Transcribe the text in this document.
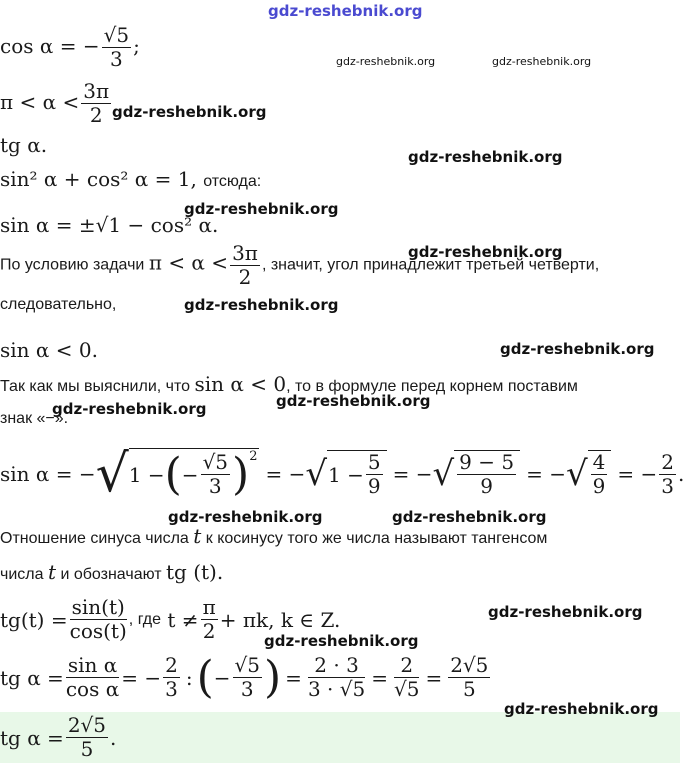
gdz-reshebnik.org
gdz-reshebnik.org	gdz-reshebnik.org
gdz-reshebnik.org
gdz-reshebnik.org
gdz-reshebnik.org
gdz-reshebnik.org
gdz-reshebnik.org
gdz-reshebnik.org
gdz-reshebnik.org	gdz-reshebnik.org
gdz-reshebnik.org	gdz-reshebnik.org
gdz-reshebnik.org
gdz-reshebnik.org
gdz-reshebnik.org
cos α = − $\frac{√5}{3}$ ;
$\pi < \alpha < \frac{3\pi}{2}$
tg α.
sin² α + cos² α = 1, отсюда:
sin α = ±√1 − cos² α.
По условию задачи $\pi < \alpha < \frac{3\pi}{2}$ , значит, угол принадлежит третьей четверти,
следовательно,
sin α < 0.
Так как мы выяснили, что sin α < 0, то в формуле перед корнем поставим
знак «−».
sin α = − √ 1 − ( − $\frac{√5}{3} )^2$
= − √ $1 - \frac{5}{9}$ = − √ $\frac{9 - 5}{9}$ = − √ $\frac{4}{9}$ = − $\frac{2}{3}$ .
Отношение синуса числа t к косинусу того же числа называют тангенсом
числа t и обозначают tg (t).
$tg(t) = \frac{\sin(t)}{\cos(t)}$ , где
$t \ne \frac{\pi}{2} + \pi k$, k ∈ Z.
tg $\alpha = \frac{\text{sin α}}{\text{cos α}}$ = − $\frac{2}{3}$ : ( − $\frac{√5}{3}$ ) = $\frac{2 \cdot 3}{3 \cdot √5} = \frac{2}{√5} = \frac{2√5}{5}$
tg $\alpha = \frac{2√5}{5}$ .
